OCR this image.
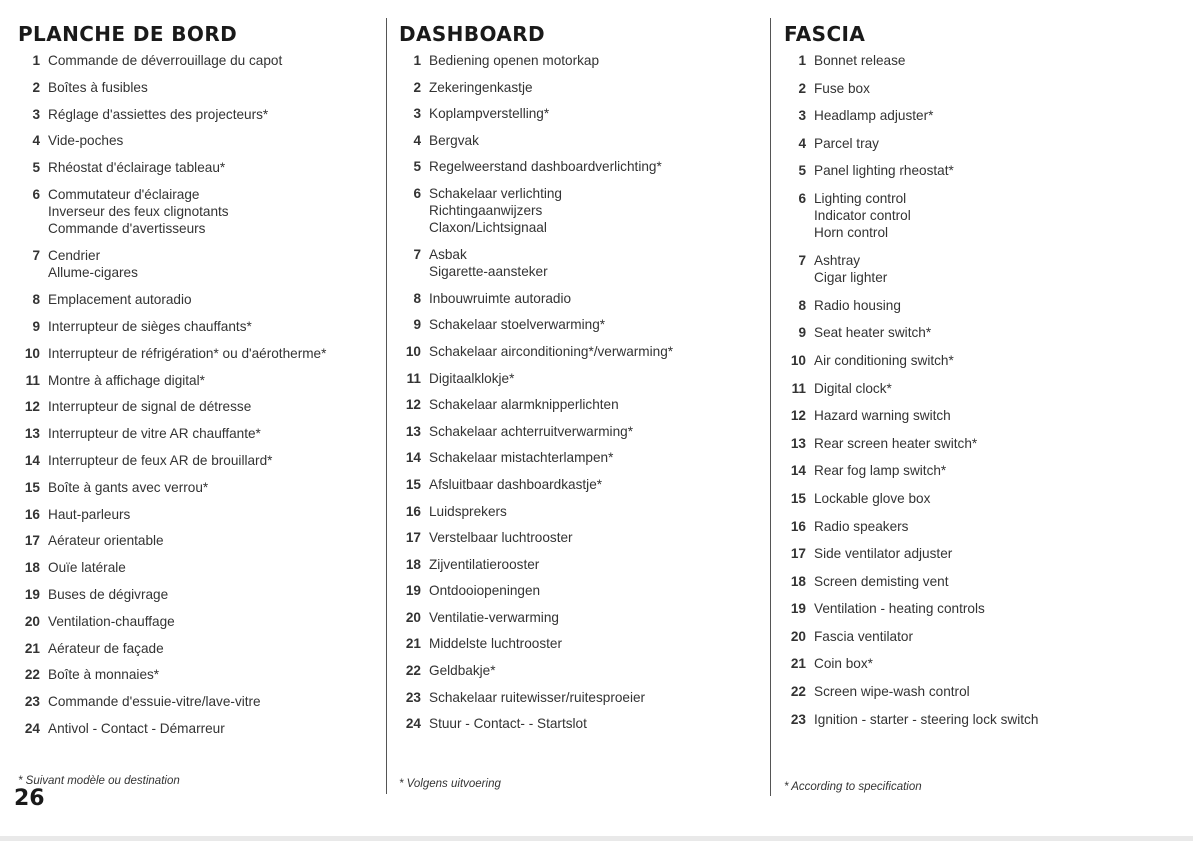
PLANCHE DE BORD
1 Commande de déverrouillage du capot
2 Boîtes à fusibles
3 Réglage d'assiettes des projecteurs*
4 Vide-poches
5 Rhéostat d'éclairage tableau*
6 Commutateur d'éclairage
Inverseur des feux clignotants
Commande d'avertisseurs
7 Cendrier
Allume-cigares
8 Emplacement autoradio
9 Interrupteur de sièges chauffants*
10 Interrupteur de réfrigération* ou d'aérotherme*
11 Montre à affichage digital*
12 Interrupteur de signal de détresse
13 Interrupteur de vitre AR chauffante*
14 Interrupteur de feux AR de brouillard*
15 Boîte à gants avec verrou*
16 Haut-parleurs
17 Aérateur orientable
18 Ouïe latérale
19 Buses de dégivrage
20 Ventilation-chauffage
21 Aérateur de façade
22 Boîte à monnaies*
23 Commande d'essuie-vitre/lave-vitre
24 Antivol - Contact - Démarreur
DASHBOARD
1 Bediening openen motorkap
2 Zekeringenkastje
3 Koplampverstelling*
4 Bergvak
5 Regelweerstand dashboardverlichting*
6 Schakelaar verlichting
Richtingaanwijzers
Claxon/Lichtsignaal
7 Asbak
Sigarette-aansteker
8 Inbouwruimte autoradio
9 Schakelaar stoelverwarming*
10 Schakelaar airconditioning*/verwarming*
11 Digitaalklokje*
12 Schakelaar alarmknipperlichten
13 Schakelaar achterruitverwarming*
14 Schakelaar mistachterlampen*
15 Afsluitbaar dashboardkastje*
16 Luidsprekers
17 Verstelbaar luchtrooster
18 Zijventilatierooster
19 Ontdooiopeningen
20 Ventilatie-verwarming
21 Middelste luchtrooster
22 Geldbakje*
23 Schakelaar ruitewisser/ruitesproeier
24 Stuur - Contact- - Startslot
FASCIA
1 Bonnet release
2 Fuse box
3 Headlamp adjuster*
4 Parcel tray
5 Panel lighting rheostat*
6 Lighting control
Indicator control
Horn control
7 Ashtray
Cigar lighter
8 Radio housing
9 Seat heater switch*
10 Air conditioning switch*
11 Digital clock*
12 Hazard warning switch
13 Rear screen heater switch*
14 Rear fog lamp switch*
15 Lockable glove box
16 Radio speakers
17 Side ventilator adjuster
18 Screen demisting vent
19 Ventilation - heating controls
20 Fascia ventilator
21 Coin box*
22 Screen wipe-wash control
23 Ignition - starter - steering lock switch
* Suivant modèle ou destination	* Volgens uitvoering	* According to specification
26
